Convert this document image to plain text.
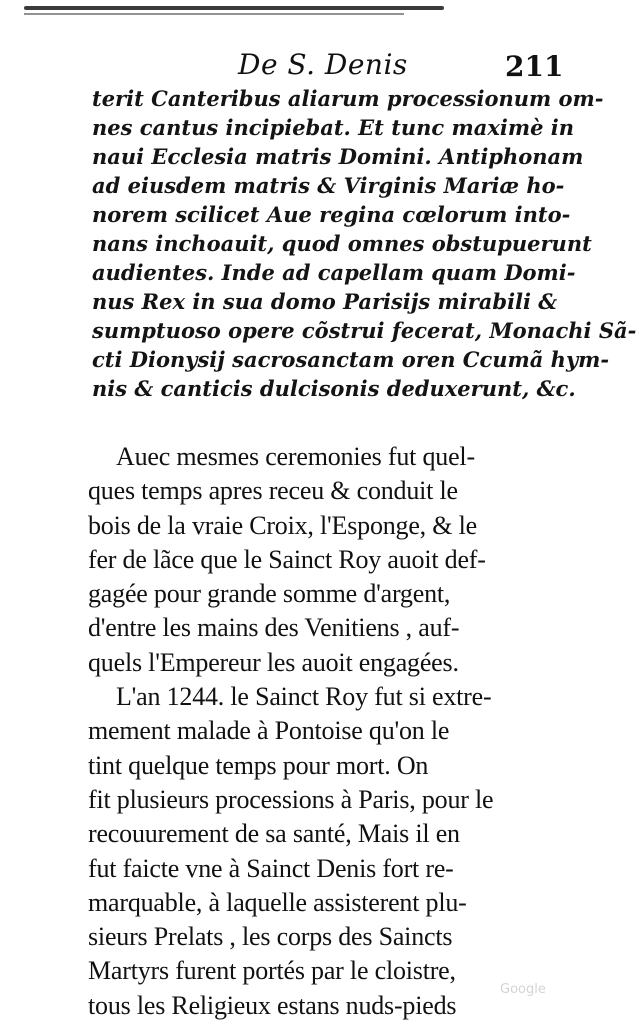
De S. Denis	211
terit Canteribus aliarum processionum om-
nes cantus incipiebat. Et tunc maximè in
naui Ecclesia matris Domini. Antiphonam
ad eiusdem matris & Virginis Mariæ ho-
norem scilicet Aue regina cœlorum into-
nans inchoauit, quod omnes obstupuerunt
audientes. Inde ad capellam quam Domi-
nus Rex in sua domo Parisijs mirabili &
sumptuoso opere cõstrui fecerat, Monachi Sã-
cti Dionysij sacrosanctam oren Ccumã hym-
nis & canticis dulcisonis deduxerunt, &c.
Auec mesmes ceremonies fut quel-
ques temps apres receu & conduit le
bois de la vraie Croix, l'Esponge, & le
fer de lãce que le Sainct Roy auoit def-
gagée pour grande somme d'argent,
d'entre les mains des Venitiens , auf-
quels l'Empereur les auoit engagées.
L'an 1244. le Sainct Roy fut si extre-
mement malade à Pontoise qu'on le
tint quelque temps pour mort. On
fit plusieurs processions à Paris, pour le
recouurement de sa santé, Mais il en
fut faicte vne à Sainct Denis fort re-
marquable, à laquelle assisterent plu-
sieurs Prelats , les corps des Saincts
Martyrs furent portés par le cloistre,
tous les Religieux estans nuds-pieds
Google
